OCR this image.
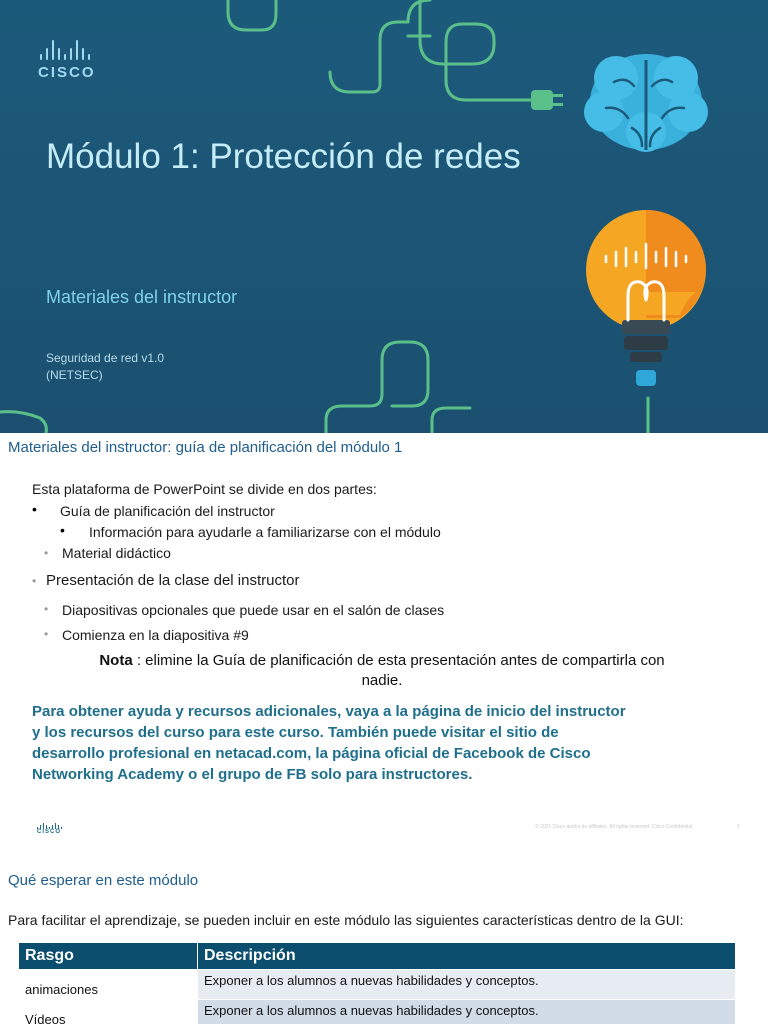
CISCO
Módulo 1: Protección de redes
Materiales del instructor
Seguridad de red v1.0
(NETSEC)
Materiales del instructor: guía de planificación del módulo 1
Esta plataforma de PowerPoint se divide en dos partes:
• Guía de planificación del instructor
• Información para ayudarle a familiarizarse con el módulo
• Material didáctico
• Presentación de la clase del instructor
• Diapositivas opcionales que puede usar en el salón de clases
• Comienza en la diapositiva #9
Nota : elimine la Guía de planificación de esta presentación antes de compartirla con
nadie.
Para obtener ayuda y recursos adicionales, vaya a la página de inicio del instructor
y los recursos del curso para este curso. También puede visitar el sitio de
desarrollo profesional en netacad.com, la página oficial de Facebook de Cisco
Networking Academy o el grupo de FB solo para instructores.
CISCO
© 2021 Cisco and/or its affiliates. All rights reserved. Cisco Confidential	2
Qué esperar en este módulo
Para facilitar el aprendizaje, se pueden incluir en este módulo las siguientes características dentro de la GUI:
Rasgo	Descripción
animaciones	Exponer a los alumnos a nuevas habilidades y conceptos.
Vídeos	Exponer a los alumnos a nuevas habilidades y conceptos.
